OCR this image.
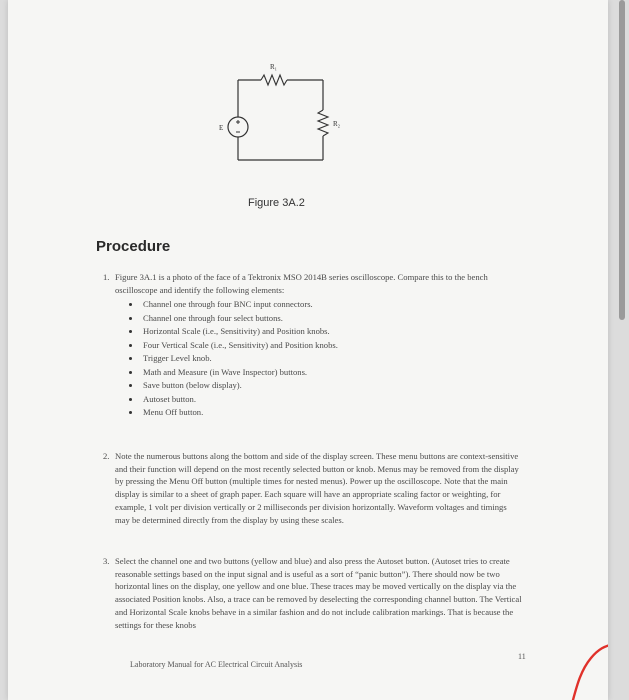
R₁
R₂
E
Figure 3A.2
Procedure
1. Figure 3A.1 is a photo of the face of a Tektronix MSO 2014B series oscilloscope. Compare this to the bench oscilloscope and identify the following elements:
Channel one through four BNC input connectors.
Channel one through four select buttons.
Horizontal Scale (i.e., Sensitivity) and Position knobs.
Four Vertical Scale (i.e., Sensitivity) and Position knobs.
Trigger Level knob.
Math and Measure (in Wave Inspector) buttons.
Save button (below display).
Autoset button.
Menu Off button.
2. Note the numerous buttons along the bottom and side of the display screen. These menu buttons are context-sensitive and their function will depend on the most recently selected button or knob. Menus may be removed from the display by pressing the Menu Off button (multiple times for nested menus). Power up the oscilloscope. Note that the main display is similar to a sheet of graph paper. Each square will have an appropriate scaling factor or weighting, for example, 1 volt per division vertically or 2 milliseconds per division horizontally. Waveform voltages and timings may be determined directly from the display by using these scales.
3. Select the channel one and two buttons (yellow and blue) and also press the Autoset button. (Autoset tries to create reasonable settings based on the input signal and is useful as a sort of “panic button”). There should now be two horizontal lines on the display, one yellow and one blue. These traces may be moved vertically on the display via the associated Position knobs. Also, a trace can be removed by deselecting the corresponding channel button. The Vertical and Horizontal Scale knobs behave in a similar fashion and do not include calibration markings. That is because the settings for these knobs
Laboratory Manual for AC Electrical Circuit Analysis
11
